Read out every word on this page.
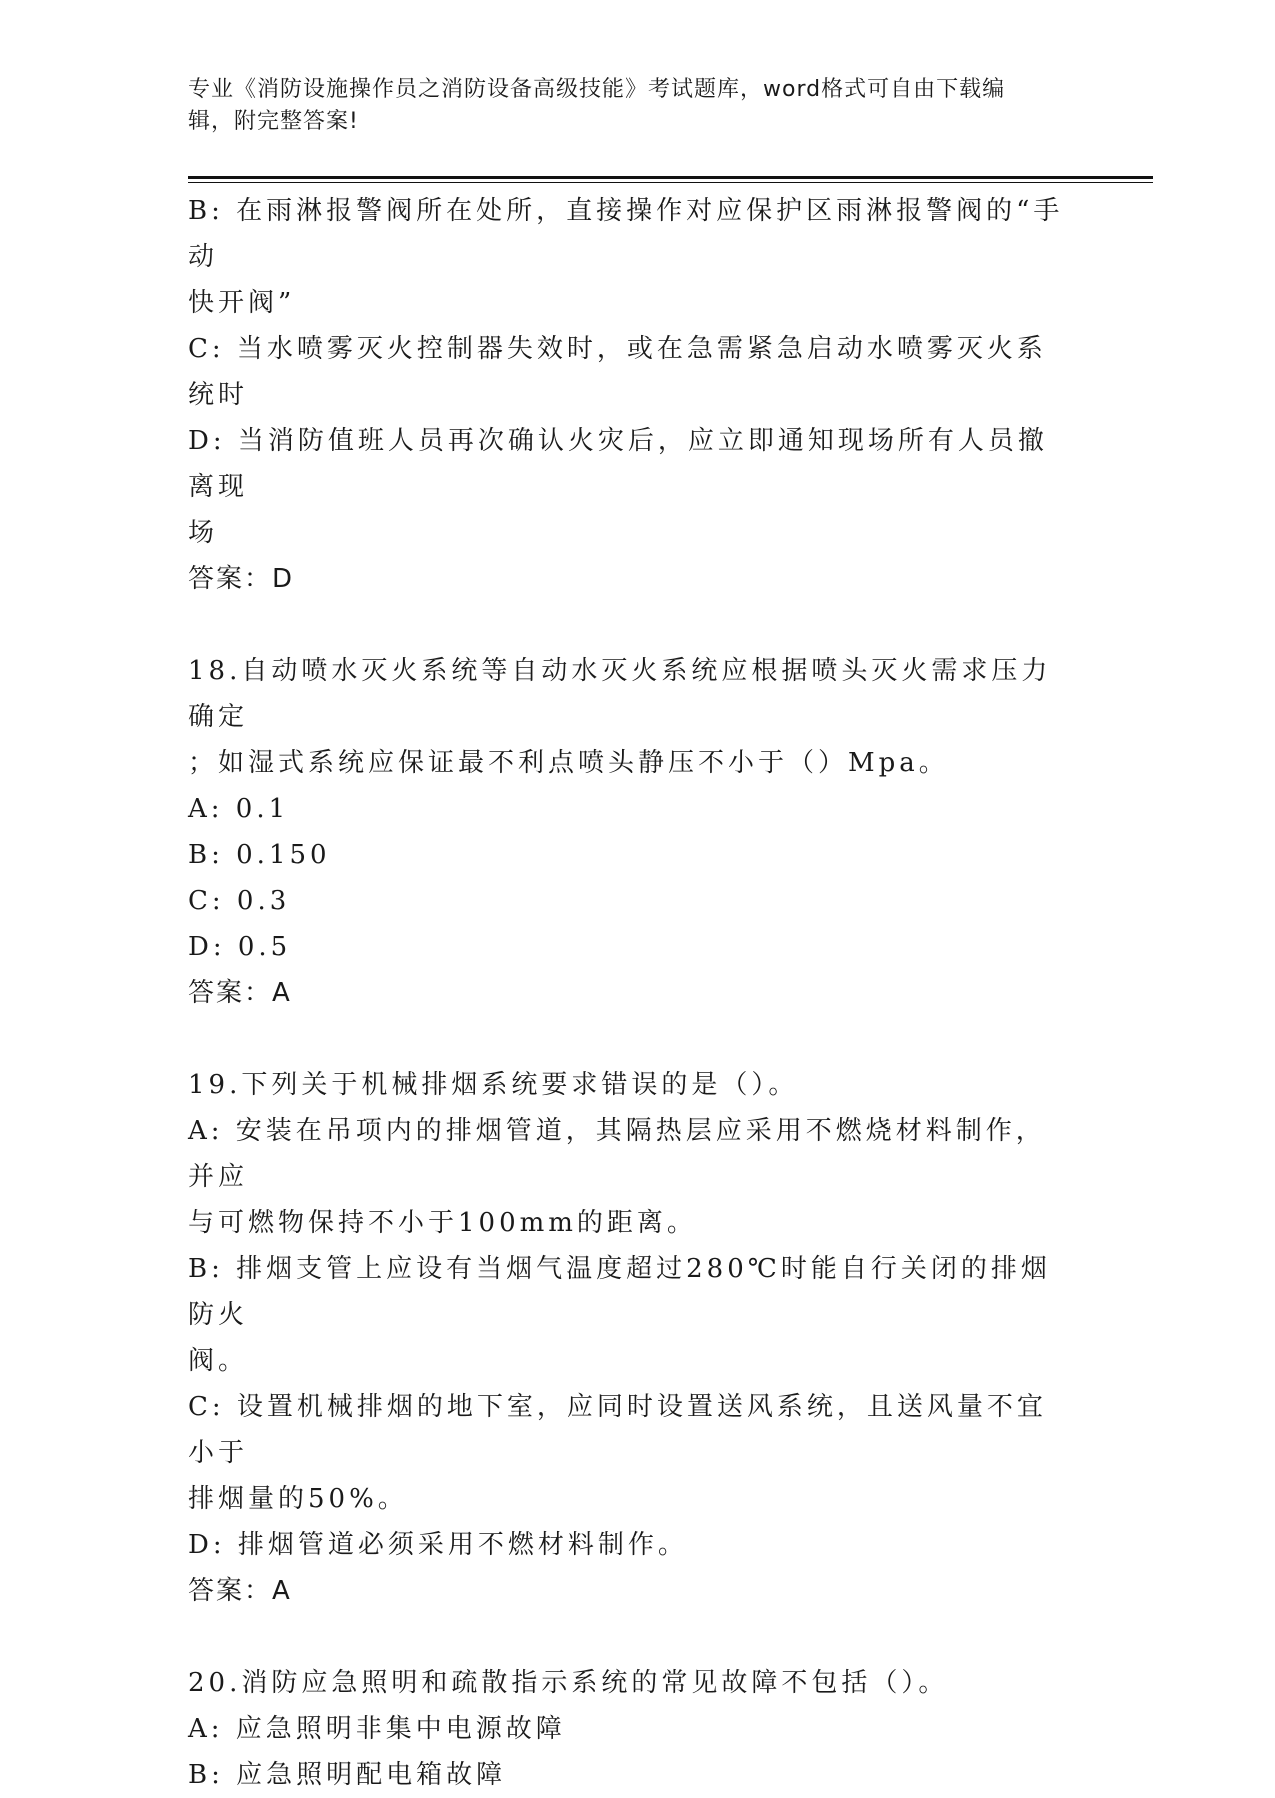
专业《消防设施操作员之消防设备高级技能》考试题库，word格式可自由下载编
辑，附完整答案!

B: 在雨淋报警阀所在处所，直接操作对应保护区雨淋报警阀的“手动

快开阀”

C: 当水喷雾灭火控制器失效时，或在急需紧急启动水喷雾灭火系统时

D: 当消防值班人员再次确认火灾后，应立即通知现场所有人员撤离现

场

答案：D

18.自动喷水灭火系统等自动水灭火系统应根据喷头灭火需求压力确定

；如湿式系统应保证最不利点喷头静压不小于（）Mpa。

A: 0.1

B: 0.150

C: 0.3

D: 0.5

答案：A

19.下列关于机械排烟系统要求错误的是（）。

A: 安装在吊项内的排烟管道，其隔热层应采用不燃烧材料制作，并应

与可燃物保持不小于100mm的距离。

B: 排烟支管上应设有当烟气温度超过280℃时能自行关闭的排烟防火

阀。

C: 设置机械排烟的地下室，应同时设置送风系统，且送风量不宜小于

排烟量的50%。

D: 排烟管道必须采用不燃材料制作。

答案：A

20.消防应急照明和疏散指示系统的常见故障不包括（）。

A: 应急照明非集中电源故障

B: 应急照明配电箱故障
